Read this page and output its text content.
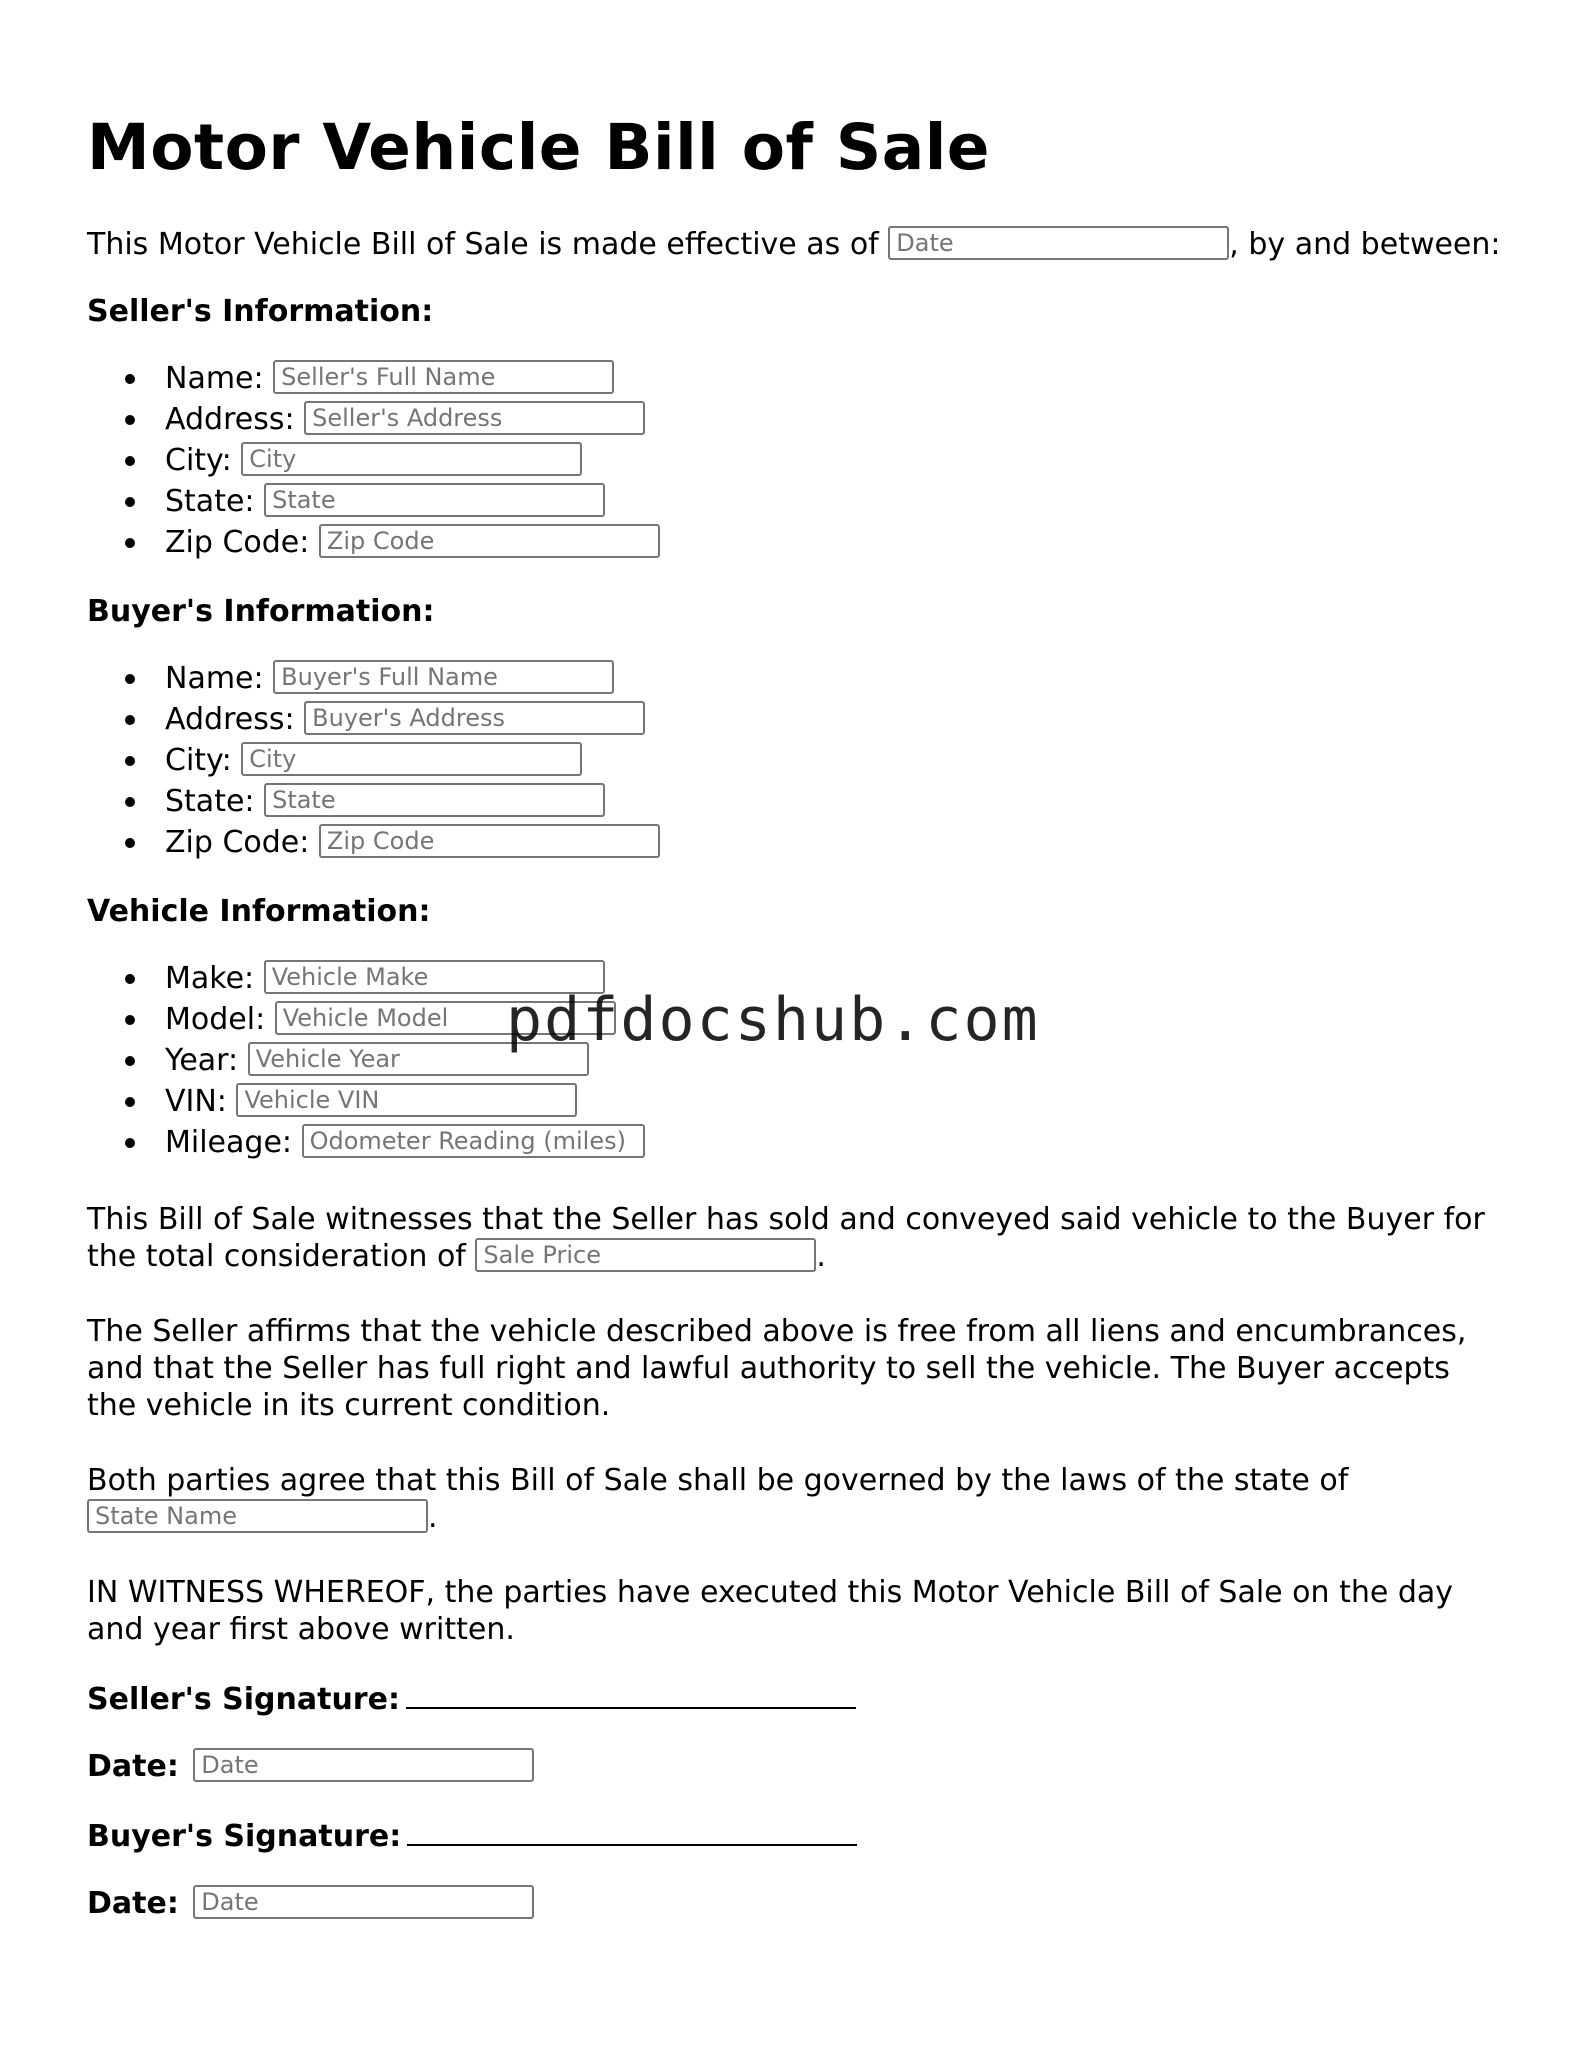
Motor Vehicle Bill of Sale

This Motor Vehicle Bill of Sale is made effective as of Date	, by and between:

Seller's Information:
Name: Seller's Full Name
Address: Seller's Address
City: City
State: State
Zip Code: Zip Code
Buyer's Information:
Name: Buyer's Full Name
Address: Buyer's Address
City: City
State: State
Zip Code: Zip Code
Vehicle Information:
Make: Vehicle Make
Model: Vehicle Model
Year: Vehicle Year
VIN: Vehicle VIN
Mileage: Odometer Reading (miles)

This Bill of Sale witnesses that the Seller has sold and conveyed said vehicle to the Buyer for the total consideration of Sale Price	.

The Seller affirms that the vehicle described above is free from all liens and encumbrances, and that the Seller has full right and lawful authority to sell the vehicle. The Buyer accepts the vehicle in its current condition.

Both parties agree that this Bill of Sale shall be governed by the laws of the state of State Name.

IN WITNESS WHEREOF, the parties have executed this Motor Vehicle Bill of Sale on the day and year first above written.

Seller's Signature:
Date: Date
Buyer's Signature:
Date: Date
pdfdocshub.com
